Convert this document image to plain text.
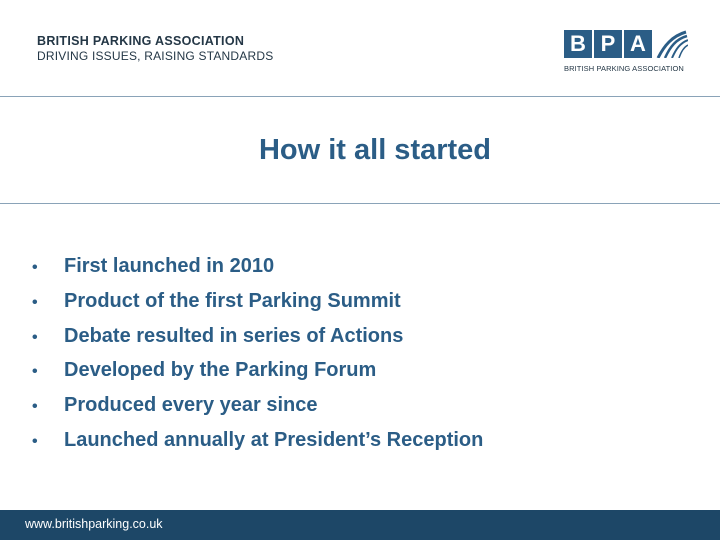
BRITISH PARKING ASSOCIATION
DRIVING ISSUES, RAISING STANDARDS	B P A
BRITISH PARKING ASSOCIATION
How it all started
•	First launched in 2010
•	Product of the first Parking Summit
•	Debate resulted in series of Actions
•	Developed by the Parking Forum
•	Produced every year since
•	Launched annually at President’s Reception
www.britishparking.co.uk
